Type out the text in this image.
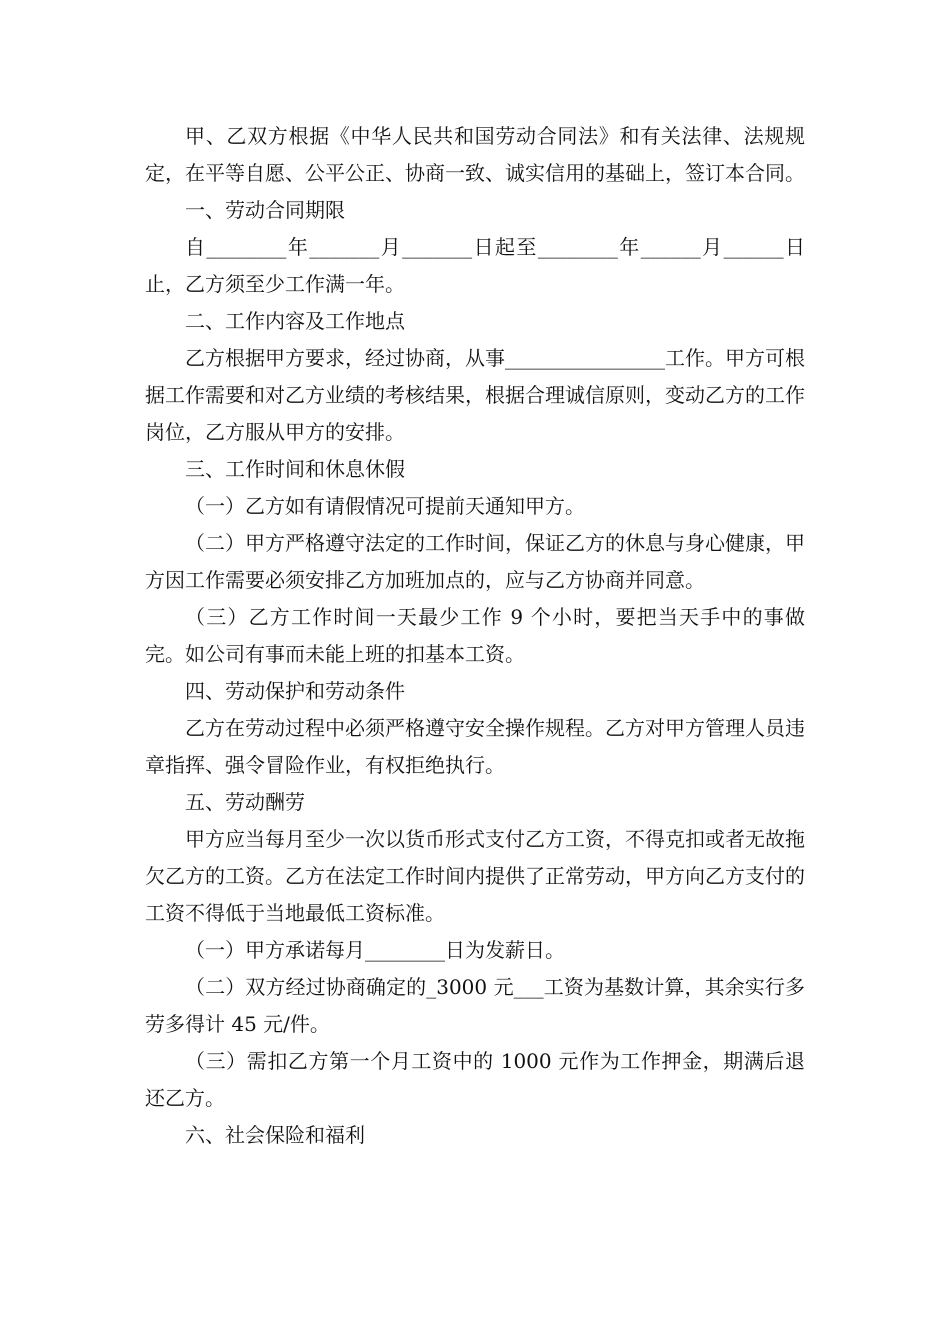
甲、乙双方根据《中华人民共和国劳动合同法》和有关法律、法规规定，在平等自愿、公平公正、协商一致、诚实信用的基础上，签订本合同。

一、劳动合同期限

自________年_______月_______日起至________年______月______日止，乙方须至少工作满一年。

二、工作内容及工作地点

乙方根据甲方要求，经过协商，从事________________工作。甲方可根据工作需要和对乙方业绩的考核结果，根据合理诚信原则，变动乙方的工作岗位，乙方服从甲方的安排。

三、工作时间和休息休假

（一）乙方如有请假情况可提前天通知甲方。

（二）甲方严格遵守法定的工作时间，保证乙方的休息与身心健康，甲方因工作需要必须安排乙方加班加点的，应与乙方协商并同意。

（三）乙方工作时间一天最少工作 9 个小时，要把当天手中的事做完。如公司有事而未能上班的扣基本工资。

四、劳动保护和劳动条件

乙方在劳动过程中必须严格遵守安全操作规程。乙方对甲方管理人员违章指挥、强令冒险作业，有权拒绝执行。

五、劳动酬劳

甲方应当每月至少一次以货币形式支付乙方工资，不得克扣或者无故拖欠乙方的工资。乙方在法定工作时间内提供了正常劳动，甲方向乙方支付的工资不得低于当地最低工资标准。

（一）甲方承诺每月________日为发薪日。

（二）双方经过协商确定的_3000 元___工资为基数计算，其余实行多劳多得计 45 元/件。

（三）需扣乙方第一个月工资中的 1000 元作为工作押金，期满后退还乙方。

六、社会保险和福利
